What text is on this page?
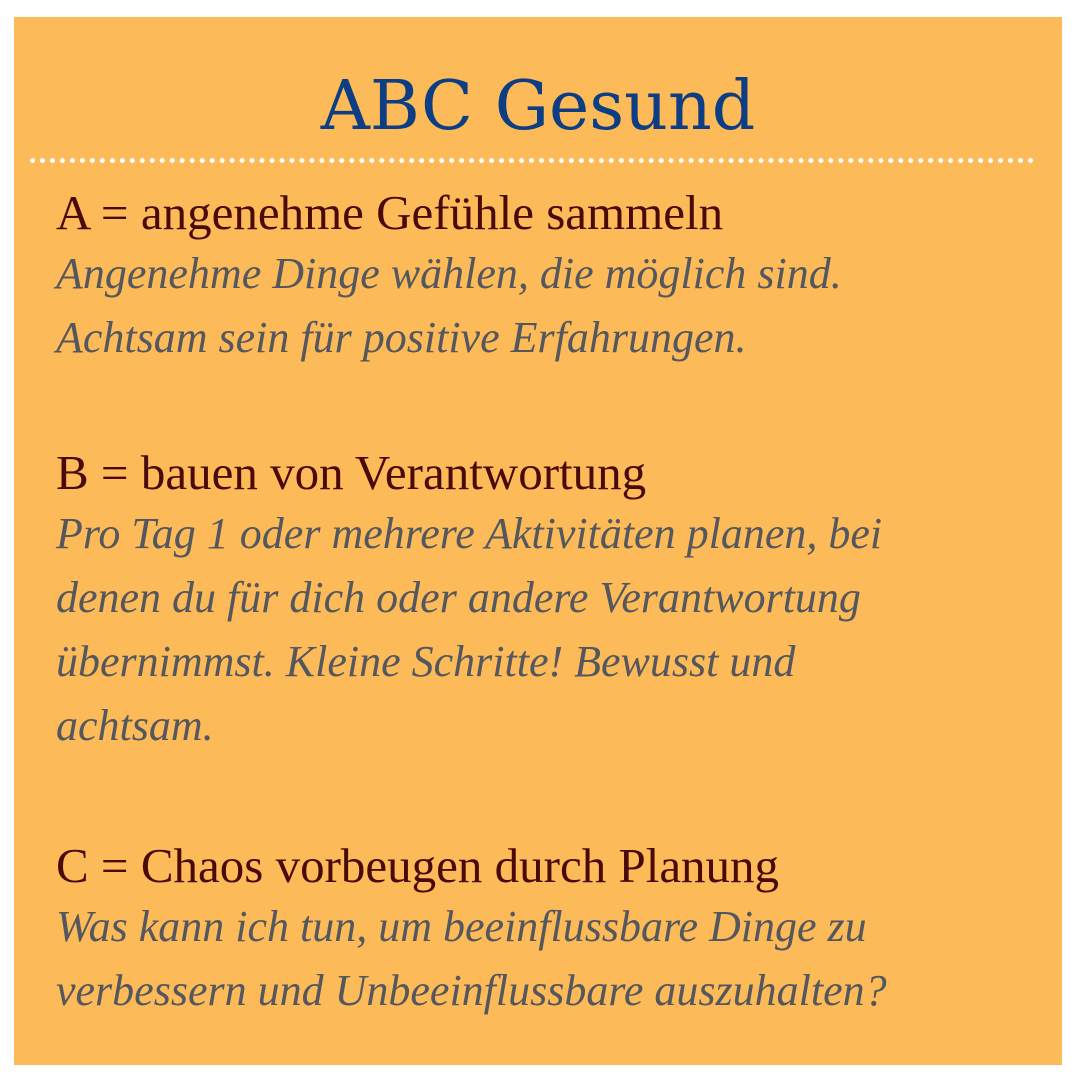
ABC Gesund

A = angenehme Gefühle sammeln

Angenehme Dinge wählen, die möglich sind.
Achtsam sein für positive Erfahrungen.

B = bauen von Verantwortung

Pro Tag 1 oder mehrere Aktivitäten planen, bei
denen du für dich oder andere Verantwortung
übernimmst. Kleine Schritte! Bewusst und
achtsam.

C = Chaos vorbeugen durch Planung

Was kann ich tun, um beeinflussbare Dinge zu
verbessern und Unbeeinflussbare auszuhalten?
